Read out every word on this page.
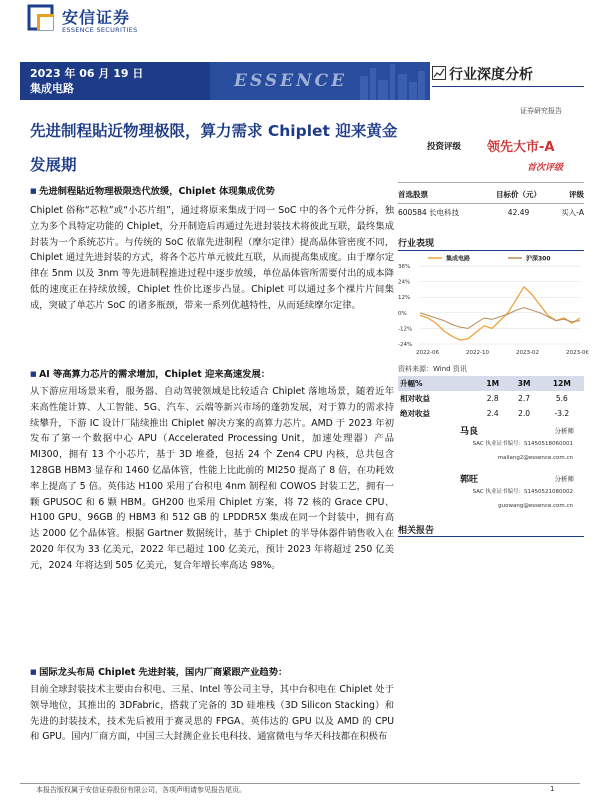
安信证券
ESSENCE SECURITIES
2023 年 06 月 19 日
集成电路	ESSENCE	行业深度分析
证券研究报告
先进制程貼近物理极限，算力需求 Chiplet 迎来黄金发展期
投资评级 领先大市-A
首次评级
首选股票	目标价（元）	评级
600584 长电科技	42.49	买入-A
行业表现
集成电路	沪深300
36%
24%
12%
0%
-12%
-24%
2022-06	2022-10	2023-02	2023-0€
资料来源：Wind 资讯
升幅%	1M	3M	12M
相对收益	2.8	2.7	5.6
绝对收益	2.4	2.0	-3.2
马良	分析师
SAC 执业证书编号：S1450518060001
maliang2@essence.com.cn
郭旺	分析师
SAC 执业证书编号：S1450521080002
guowang@essence.com.cn
相关报告
■ 先进制程貼近物理极限迭代放缓，Chiplet 体现集成优势
Chiplet 俗称“芯粒”或“小芯片组”，通过将原来集成于同一 SoC 中的各个元件分拆，独立为多个具特定功能的 Chiplet，分开制造后再通过先进封装技术将彼此互联，最终集成封装为一个系统芯片。与传统的 SoC 依靠先进制程（摩尔定律）提高晶体管密度不同，Chiplet 通过先进封装的方式，将各个芯片单元彼此互联，从而提高集成度。由于摩尔定律在 5nm 以及 3nm 等先进制程推进过程中逐步放缓，单位晶体管所需要付出的成本降低的速度正在持续放缓，Chiplet 性价比逐步凸显。Chiplet 可以通过多个裸片片间集成，突破了单芯片 SoC 的诸多瓶颈，带来一系列优越特性，从而延续摩尔定律。
■ AI 等高算力芯片的需求增加，Chiplet 迎来高速发展：
从下游应用场景来看，服务器、自动驾驶领域是比较适合 Chiplet 落地场景，随着近年来高性能计算、人工智能、5G、汽车、云端等新兴市场的蓬勃发展，对于算力的需求持续攀升，下游 IC 设计厂陆续推出 Chiplet 解决方案的高算力芯片。AMD 于 2023 年初发布了第一个数据中心 APU（Accelerated Processing Unit，加速处理器）产品 MI300，拥有 13 个小芯片，基于 3D 堆叠，包括 24 个 Zen4 CPU 内核，总共包含 128GB HBM3 显存和 1460 亿晶体管，性能上比此前的 MI250 提高了 8 倍，在功耗效率上提高了 5 倍。英伟达 H100 采用了台积电 4nm 制程和 COWOS 封装工艺，拥有一颗 GPUSOC 和 6 颗 HBM。GH200 也采用 Chiplet 方案，将 72 核的 Grace CPU、H100 GPU、96GB 的 HBM3 和 512 GB 的 LPDDR5X 集成在同一个封装中，拥有高达 2000 亿个晶体管。根据 Gartner 数据统计，基于 Chiplet 的半导体器件销售收入在 2020 年仅为 33 亿美元，2022 年已超过 100 亿美元，预计 2023 年将超过 250 亿美元，2024 年将达到 505 亿美元，复合年增长率高达 98%。
■ 国际龙头布局 Chiplet 先进封装，国内厂商紧跟产业趋势：
目前全球封装技术主要由台积电、三星、Intel 等公司主导，其中台积电在 Chiplet 处于领导地位，其推出的 3DFabric，搭载了完备的 3D 硅堆栈（3D Silicon Stacking）和先进的封装技术，技术先后被用于赛灵思的 FPGA、英伟达的 GPU 以及 AMD 的 CPU 和 GPU。国内厂商方面，中国三大封测企业长电科技、通富微电与华天科技都在积极布
本报告版权属于安信证券股份有限公司，各项声明请参见报告尾页。	1
